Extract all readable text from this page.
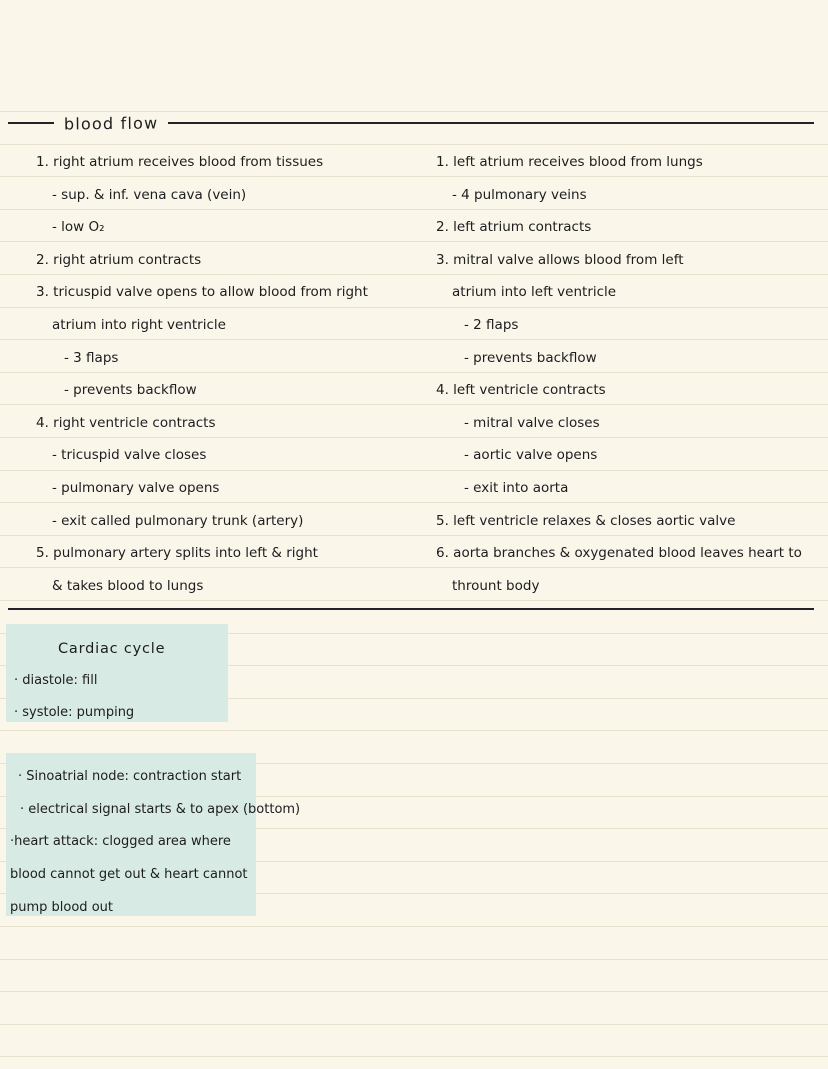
blood flow
1. right atrium receives blood from tissues
- sup. & inf. vena cava (vein)
- low O₂
2. right atrium contracts
3. tricuspid valve opens to allow blood from right
atrium into right ventricle
- 3 flaps
- prevents backflow
4. right ventricle contracts
- tricuspid valve closes
- pulmonary valve opens
- exit called pulmonary trunk (artery)
5. pulmonary artery splits into left & right
& takes blood to lungs
1. left atrium receives blood from lungs
- 4 pulmonary veins
2. left atrium contracts
3. mitral valve allows blood from left
atrium into left ventricle
- 2 flaps
- prevents backflow
4. left ventricle contracts
- mitral valve closes
- aortic valve opens
- exit into aorta
5. left ventricle relaxes & closes aortic valve
6. aorta branches & oxygenated blood leaves heart to
thrount body
Cardiac cycle
· diastole: fill
· systole: pumping
· Sinoatrial node: contraction start
· electrical signal starts & to apex (bottom)
·heart attack: clogged area where
blood cannot get out & heart cannot
pump blood out
